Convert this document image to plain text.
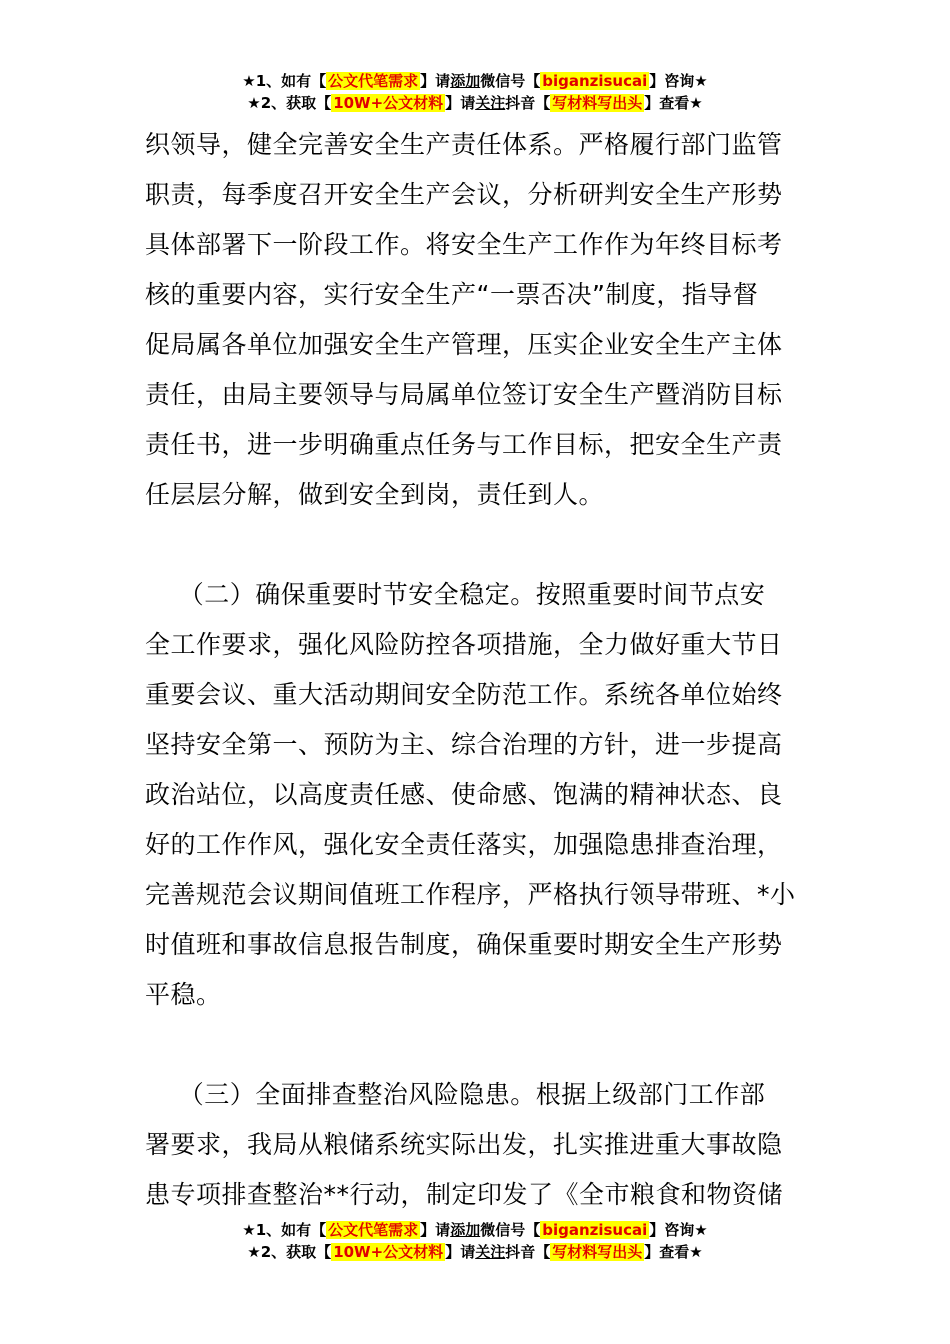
★1、如有【 公文代笔需求 】请添加微信号【 biganzisucai 】咨询★
★2、获取【 10W+公文材料 】请关注抖音【 写材料写出头 】查看★
织领导，健全完善安全生产责任体系。严格履行部门监管
职责，每季度召开安全生产会议，分析研判安全生产形势
具体部署下一阶段工作。将安全生产工作作为年终目标考
核的重要内容，实行安全生产“一票否决”制度，指导督
促局属各单位加强安全生产管理，压实企业安全生产主体
责任，由局主要领导与局属单位签订安全生产暨消防目标
责任书，进一步明确重点任务与工作目标，把安全生产责
任层层分解，做到安全到岗，责任到人。
（二）确保重要时节安全稳定。按照重要时间节点安
全工作要求，强化风险防控各项措施，全力做好重大节日
重要会议、重大活动期间安全防范工作。系统各单位始终
坚持安全第一、预防为主、综合治理的方针，进一步提高
政治站位，以高度责任感、使命感、饱满的精神状态、良
好的工作作风，强化安全责任落实，加强隐患排查治理，
完善规范会议期间值班工作程序，严格执行领导带班、*小
时值班和事故信息报告制度，确保重要时期安全生产形势
平稳。
（三）全面排查整治风险隐患。根据上级部门工作部
署要求，我局从粮储系统实际出发，扎实推进重大事故隐
患专项排查整治**行动，制定印发了《全市粮食和物资储
★1、如有【 公文代笔需求 】请添加微信号【 biganzisucai 】咨询★
★2、获取【 10W+公文材料 】请关注抖音【 写材料写出头 】查看★
